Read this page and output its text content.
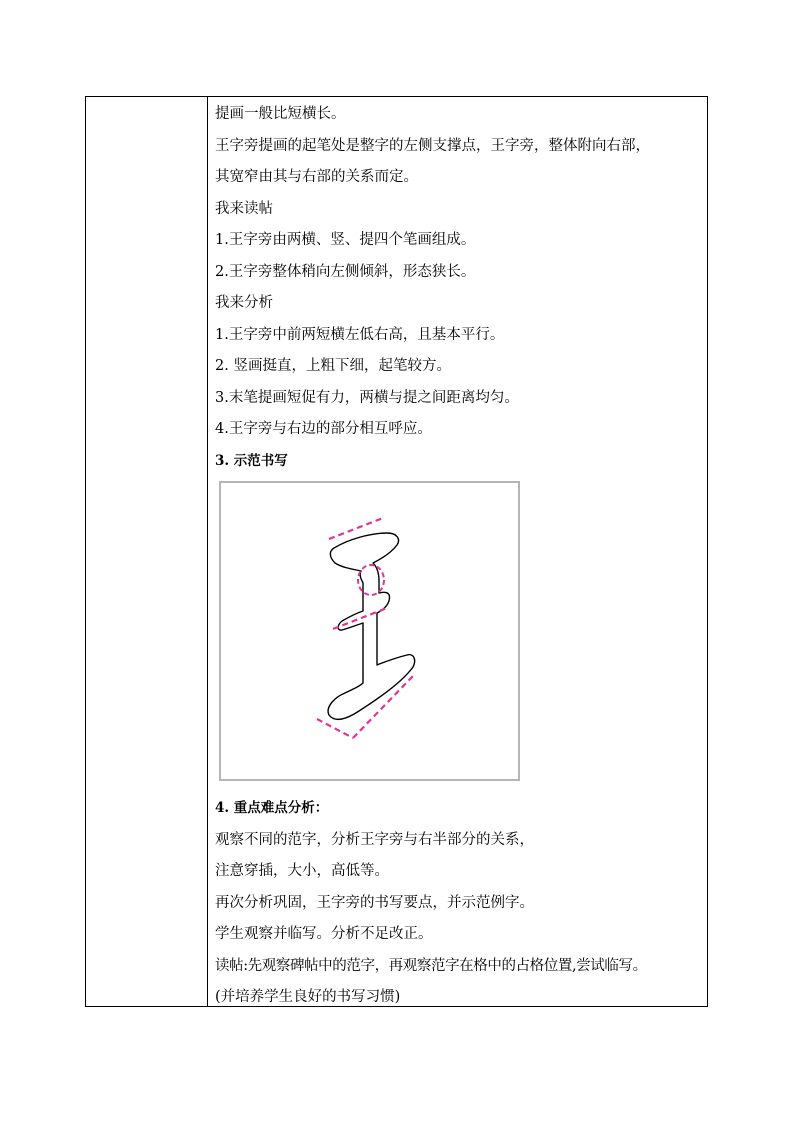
提画一般比短横长。
王字旁提画的起笔处是整字的左侧支撑点，王字旁，整体附向右部，
其宽窄由其与右部的关系而定。
我来读帖
1.王字旁由两横、竖、提四个笔画组成。
2.王字旁整体稍向左侧倾斜，形态狭长。
我来分析
1.王字旁中前两短横左低右高，且基本平行。
2. 竖画挺直，上粗下细，起笔较方。
3.末笔提画短促有力，两横与提之间距离均匀。
4.王字旁与右边的部分相互呼应。
3. 示范书写
4. 重点难点分析：
观察不同的范字，分析王字旁与右半部分的关系，
注意穿插，大小，高低等。
再次分析巩固，王字旁的书写要点，并示范例字。
学生观察并临写。分析不足改正。
读帖:先观察碑帖中的范字，再观察范字在格中的占格位置,尝试临写。
(并培养学生良好的书写习惯)
